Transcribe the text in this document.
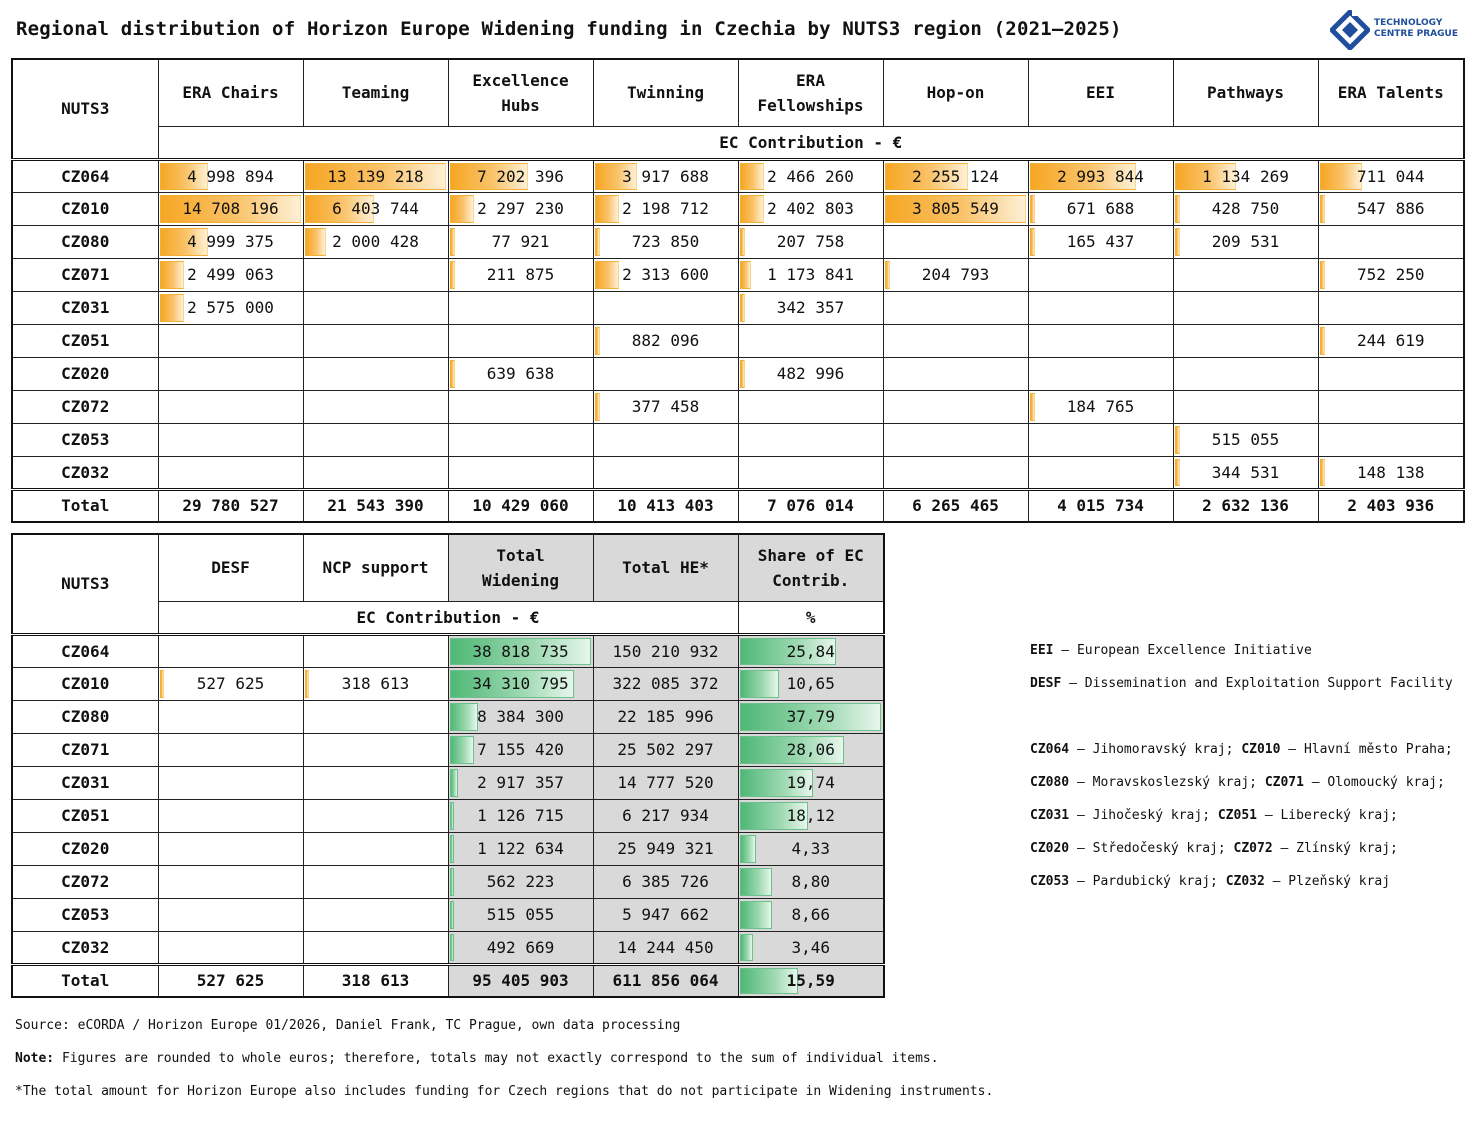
Regional distribution of Horizon Europe Widening funding in Czechia by NUTS3 region (2021–2025)	TECHNOLOGY
CENTRE PRAGUE
NUTS3	ERA Chairs	Teaming	Excellence Hubs	Twinning	ERA Fellowships	Hop-on	EEI	Pathways	ERA Talents
	EC Contribution - €								
CZ064	4 998 894	13 139 218	7 202 396	3 917 688	2 466 260	2 255 124	2 993 844	1 134 269	711 044
CZ010	14 708 196	6 403 744	2 297 230	2 198 712	2 402 803	3 805 549	671 688	428 750	547 886
CZ080	4 999 375	2 000 428	77 921	723 850	207 758		165 437	209 531	
CZ071	2 499 063		211 875	2 313 600	1 173 841	204 793			752 250
CZ031	2 575 000				342 357				
CZ051				882 096					244 619
CZ020			639 638		482 996				
CZ072				377 458			184 765		
CZ053								515 055	
CZ032								344 531	148 138
Total	29 780 527	21 543 390	10 429 060	10 413 403	7 076 014	6 265 465	4 015 734	2 632 136	2 403 936
NUTS3	DESF	NCP support	Total Widening	Total HE*	Share of EC Contrib.
	EC Contribution - €				%
CZ064			38 818 735	150 210 932	25,84
CZ010	527 625	318 613	34 310 795	322 085 372	10,65
CZ080			8 384 300	22 185 996	37,79
CZ071			7 155 420	25 502 297	28,06
CZ031			2 917 357	14 777 520	19,74
CZ051			1 126 715	6 217 934	18,12
CZ020			1 122 634	25 949 321	4,33
CZ072			562 223	6 385 726	8,80
CZ053			515 055	5 947 662	8,66
CZ032			492 669	14 244 450	3,46
Total	527 625	318 613	95 405 903	611 856 064	15,59
EEI – European Excellence Initiative
DESF – Dissemination and Exploitation Support Facility
CZ064 – Jihomoravský kraj; CZ010 – Hlavní město Praha;
CZ080 – Moravskoslezský kraj; CZ071 – Olomoucký kraj;
CZ031 – Jihočeský kraj; CZ051 – Liberecký kraj;
CZ020 – Středočeský kraj; CZ072 – Zlínský kraj;
CZ053 – Pardubický kraj; CZ032 – Plzeňský kraj
Source: eCORDA / Horizon Europe 01/2026, Daniel Frank, TC Prague, own data processing
Note: Figures are rounded to whole euros; therefore, totals may not exactly correspond to the sum of individual items.
*The total amount for Horizon Europe also includes funding for Czech regions that do not participate in Widening instruments.
